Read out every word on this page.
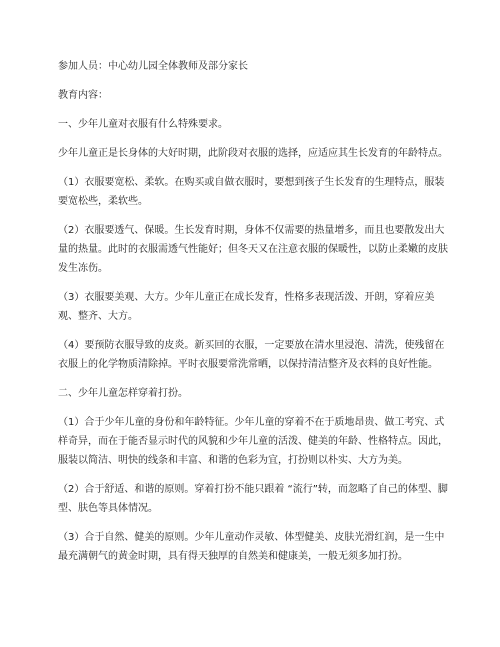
参加人员：中心幼儿园全体教师及部分家长
教育内容：
一、少年儿童对衣服有什么特殊要求。
少年儿童正是长身体的大好时期，此阶段对衣服的选择，应适应其生长发育的年龄特点。
（1）衣服要宽松、柔软。在购买或自做衣服时，要想到孩子生长发育的生理特点，服装要宽松些，柔软些。
（2）衣服要透气、保暖。生长发育时期，身体不仅需要的热量增多，而且也要散发出大量的热量。此时的衣服需透气性能好；但冬天又在注意衣服的保暖性，以防止柔嫩的皮肤发生冻伤。
（3）衣服要美观、大方。少年儿童正在成长发育，性格多表现活泼、开朗，穿着应美观、整齐、大方。
（4）要预防衣服导致的皮炎。新买回的衣服，一定要放在清水里浸泡、清洗，使残留在衣服上的化学物质清除掉。平时衣服要常洗常晒，以保持清洁整齐及衣料的良好性能。
二、少年儿童怎样穿着打扮。
（1）合于少年儿童的身份和年龄特征。少年儿童的穿着不在于质地昂贵、做工考究、式样奇异，而在于能否显示时代的风貌和少年儿童的活泼、健美的年龄、性格特点。因此，服装以简洁、明快的线条和丰富、和谐的色彩为宜，打扮则以朴实、大方为美。
（2）合于舒适、和谐的原则。穿着打扮不能只跟着 “流行”转，而忽略了自己的体型、脚型、肤色等具体情况。
（3）合于自然、健美的原则。少年儿童动作灵敏、体型健美、皮肤光滑红润，是一生中最充满朝气的黄金时期，具有得天独厚的自然美和健康美，一般无须多加打扮。
